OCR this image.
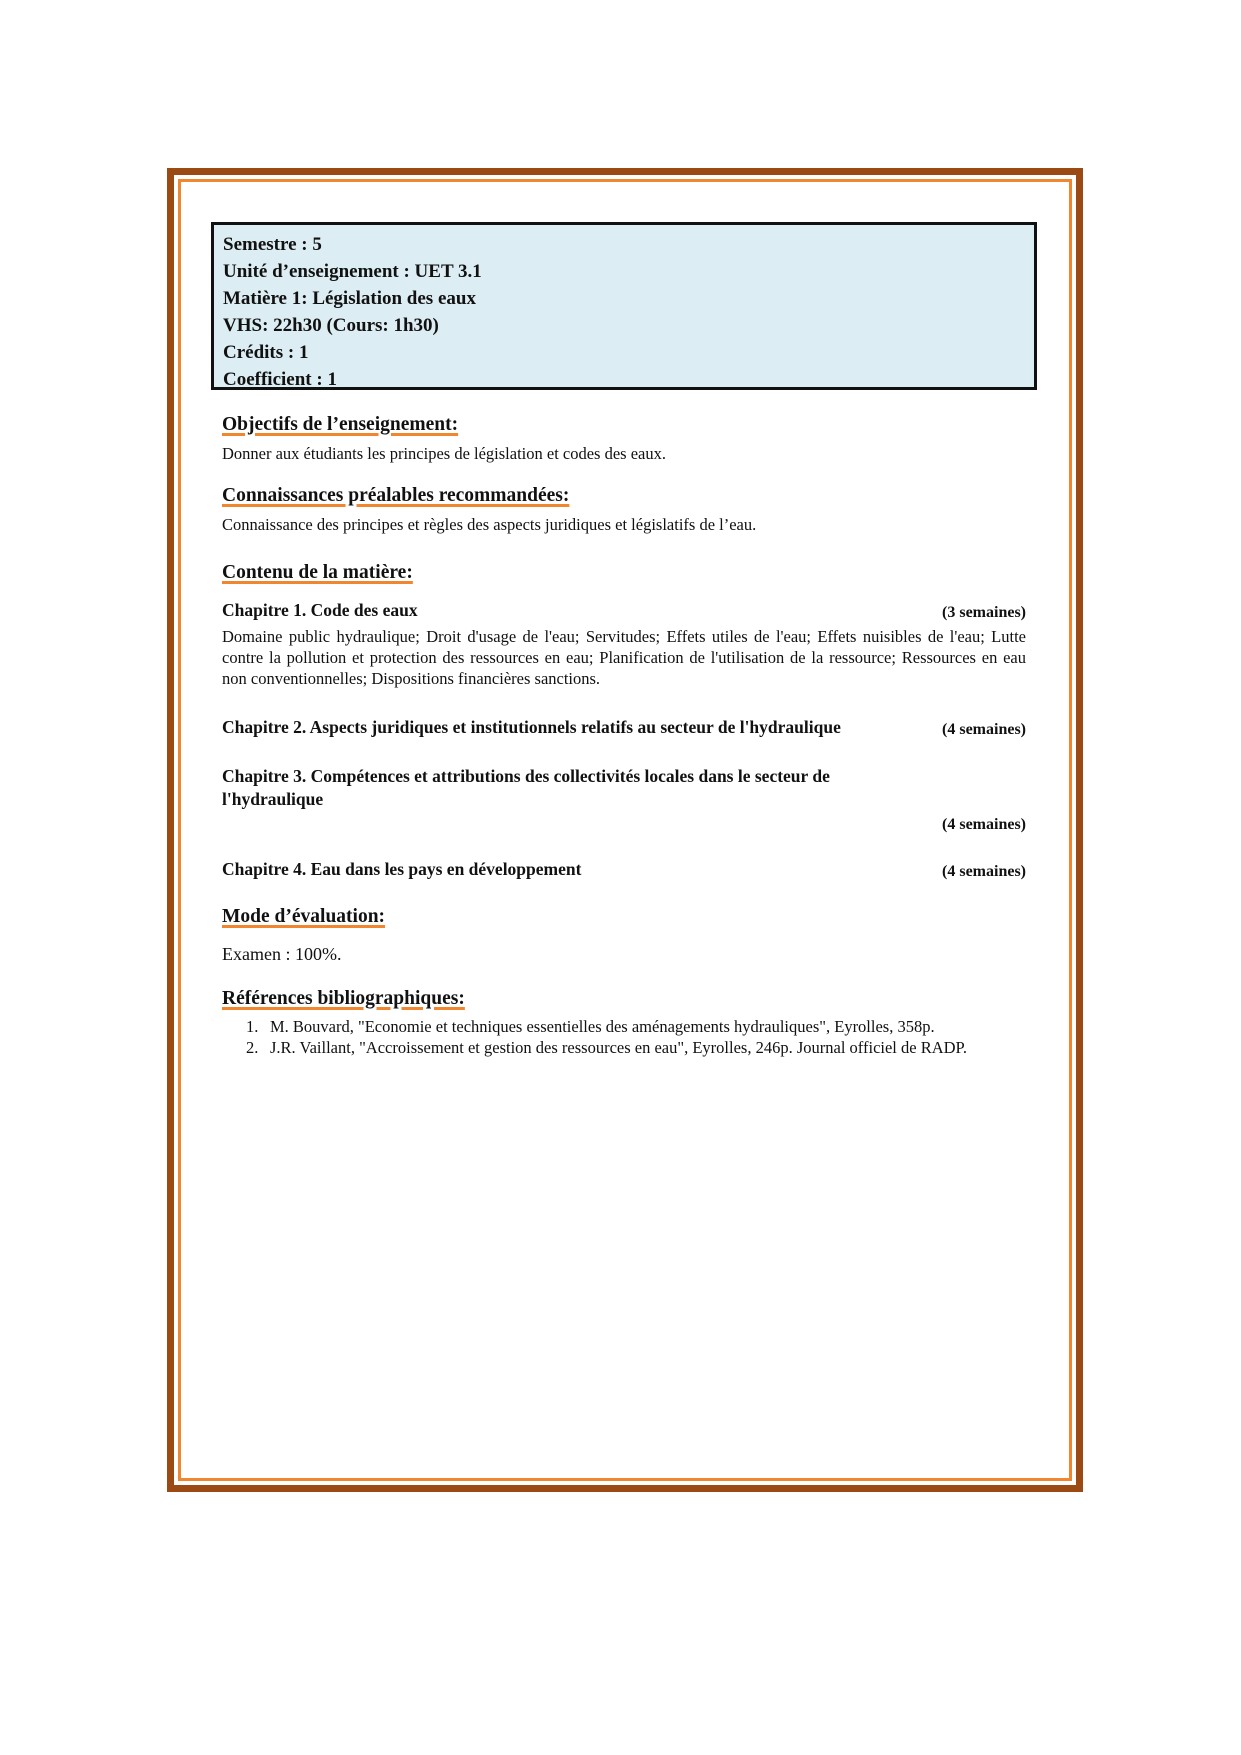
Semestre : 5
Unité d’enseignement : UET 3.1
Matière 1: Législation des eaux
VHS: 22h30 (Cours: 1h30)
Crédits : 1
Coefficient : 1
Objectifs de l’enseignement:
Donner aux étudiants les principes de législation et codes des eaux.
Connaissances préalables recommandées:
Connaissance des principes et règles des aspects juridiques et législatifs de l’eau.
Contenu de la matière:
Chapitre 1. Code des eaux	(3 semaines)
Domaine public hydraulique; Droit d'usage de l'eau; Servitudes; Effets utiles de l'eau; Effets nuisibles de l'eau; Lutte contre la pollution et protection des ressources en eau; Planification de l'utilisation de la ressource; Ressources en eau non conventionnelles; Dispositions financières sanctions.
Chapitre 2. Aspects juridiques et institutionnels relatifs au secteur de l'hydraulique	(4 semaines)
Chapitre 3. Compétences et attributions des collectivités locales dans le secteur de l'hydraulique
(4 semaines)
Chapitre 4. Eau dans les pays en développement	(4 semaines)
Mode d’évaluation:
Examen : 100%.
Références bibliographiques:
1. M. Bouvard, "Economie et techniques essentielles des aménagements hydrauliques", Eyrolles, 358p.
2. J.R. Vaillant, "Accroissement et gestion des ressources en eau", Eyrolles, 246p. Journal officiel de RADP.
